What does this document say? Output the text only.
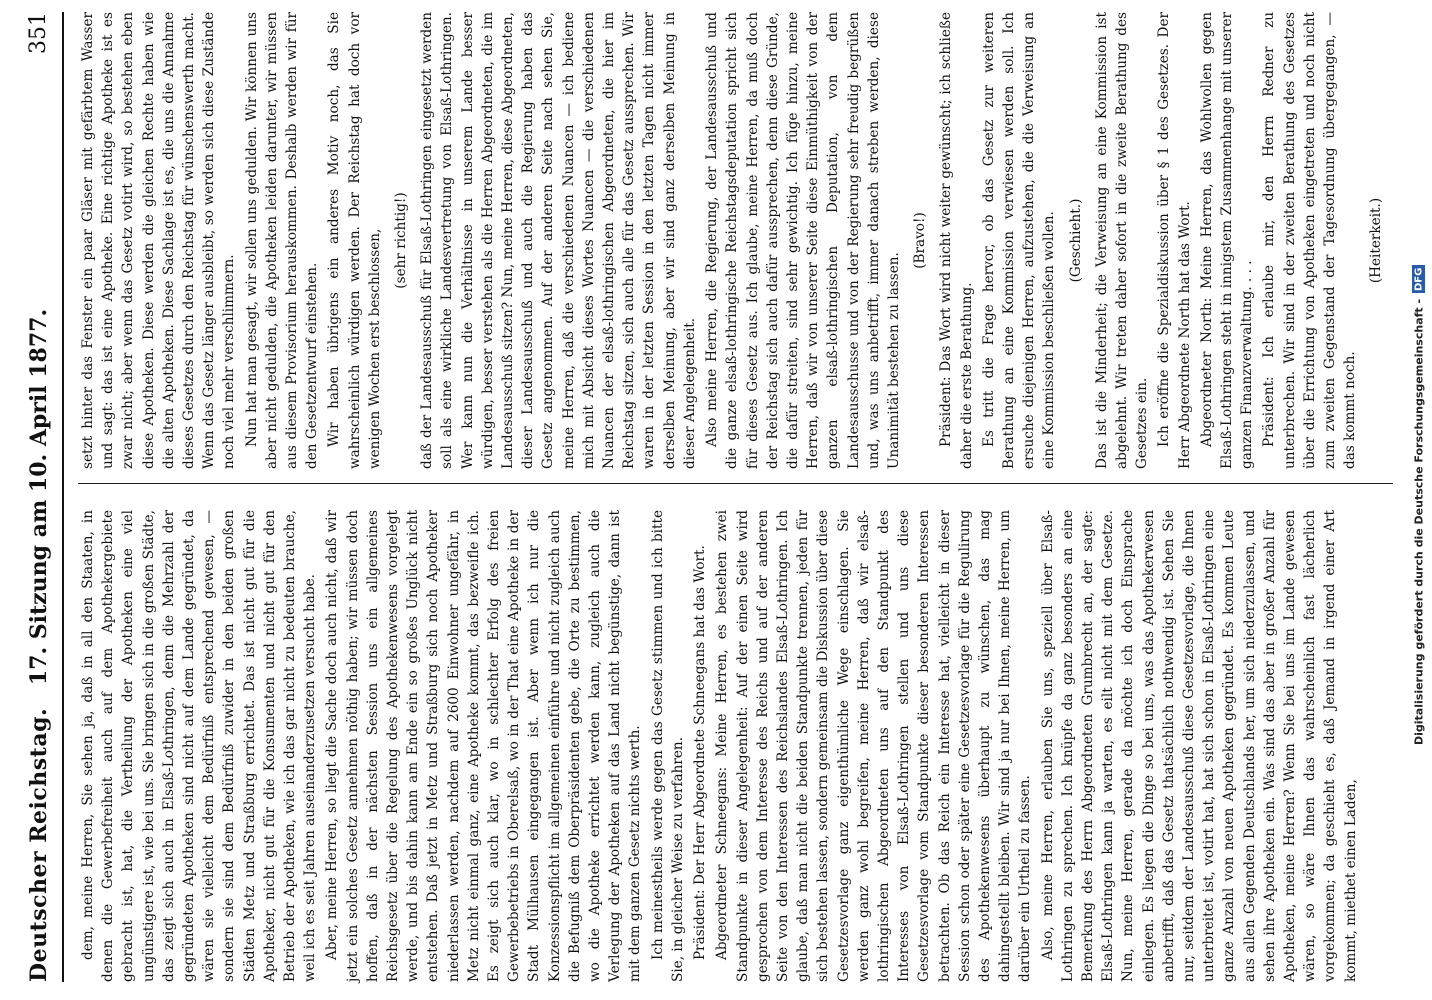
Deutscher Reichstag.
17. Sitzung am 10. April 1877.
351

dem, meine Herren, Sie sehen ja, daß in all den Staaten, in denen die Gewerbefreiheit auch auf dem Apothekergebiete gebracht ist, hat, die Vertheilung der Apotheken eine viel ungünstigere ist, wie bei uns. Sie bringen sich in die großen Städte, das zeigt sich auch in Elsaß-Lothringen, denn die Mehrzahl der gegründeten Apotheken sind nicht auf dem Lande gegründet, da wären sie vielleicht dem Bedürfniß entsprechend gewesen, — sondern sie sind dem Bedürfniß zuwider in den beiden großen Städten Metz und Straßburg errichtet. Das ist nicht gut für die Apotheker, nicht gut für die Konsumenten und nicht gut für den Betrieb der Apotheken, wie ich das gar nicht zu bedeuten brauche, weil ich es seit Jahren auseinanderzusetzen versucht habe. Aber, meine Herren, so liegt die Sache doch auch nicht, daß wir jetzt ein solches Gesetz annehmen nöthig haben; wir müssen doch hoffen, daß in der nächsten Session uns ein allgemeines Reichsgesetz über die Regelung des Apothekenwesens vorgelegt werde, und bis dahin kann am Ende ein so großes Unglück nicht entstehen. Daß jetzt in Metz und Straßburg sich noch Apotheker niederlassen werden, nachdem auf 2600 Einwohner ungefähr, in Metz nicht einmal ganz, eine Apotheke kommt, das bezweifle ich. Es zeigt sich auch klar, wo in schlechter Erfolg des freien Gewerbebetriebs in Oberelsaß, wo in der That eine Apotheke in der Stadt Mülhausen eingegangen ist. Aber wenn ich nur die Konzessionspflicht im allgemeinen einführe und nicht zugleich auch die Befugniß dem Oberpräsidenten gebe, die Orte zu bestimmen, wo die Apotheke errichtet werden kann, zugleich auch die Verlegung der Apotheken auf das Land nicht begünstige, dann ist mit dem ganzen Gesetz nichts werth. Ich meinestheils werde gegen das Gesetz stimmen und ich bitte Sie, in gleicher Weise zu verfahren. Präsident: Der Herr Abgeordnete Schneegans hat das Wort. Abgeordneter Schneegans: Meine Herren, es bestehen zwei Standpunkte in dieser Angelegenheit: Auf der einen Seite wird gesprochen von dem Interesse des Reichs und auf der anderen Seite von den Interessen des Reichslandes Elsaß-Lothringen. Ich glaube, daß man nicht die beiden Standpunkte trennen, jeden für sich bestehen lassen, sondern gemeinsam die Diskussion über diese Gesetzesvorlage ganz eigenthümliche Wege einschlagen. Sie werden ganz wohl begreifen, meine Herren, daß wir elsaß-lothringischen Abgeordneten uns auf den Standpunkt des Interesses von Elsaß-Lothringen stellen und uns diese Gesetzesvorlage vom Standpunkte dieser besonderen Interessen betrachten. Ob das Reich ein Interesse hat, vielleicht in dieser Session schon oder später eine Gesetzesvorlage für die Regulirung des Apothekenwesens überhaupt zu wünschen, das mag dahingestellt bleiben. Wir sind ja nur bei Ihnen, meine Herren, um darüber ein Urtheil zu fassen. Also, meine Herren, erlauben Sie uns, speziell über Elsaß-Lothringen zu sprechen. Ich knüpfe da ganz besonders an eine Bemerkung des Herrn Abgeordneten Grumbrecht an, der sagte: Elsaß-Lothringen kann ja warten, es eilt nicht mit dem Gesetze. Nun, meine Herren, gerade da möchte ich doch Einsprache einlegen. Es liegen die Dinge so bei uns, was das Apothekerwesen anbetrifft, daß das Gesetz thatsächlich nothwendig ist. Sehen Sie nur, seitdem der Landesausschuß diese Gesetzesvorlage, die Ihnen unterbreitet ist, votirt hat, hat sich schon in Elsaß-Lothringen eine ganze Anzahl von neuen Apotheken gegründet. Es kommen Leute aus allen Gegenden Deutschlands her, um sich niederzulassen, und sehen ihre Apotheken ein. Was sind das aber in großer Anzahl für Apotheken, meine Herren? Wenn Sie bei uns im Lande gewesen wären, so wäre Ihnen das wahrscheinlich fast lächerlich vorgekommen; da geschieht es, daß Jemand in irgend einer Art kommt, miethet einen Laden,

setzt hinter das Fenster ein paar Gläser mit gefärbtem Wasser und sagt: das ist eine Apotheke. Eine richtige Apotheke ist es zwar nicht; aber wenn das Gesetz votirt wird, so bestehen eben diese Apotheken. Diese werden die gleichen Rechte haben wie die alten Apotheken. Diese Sachlage ist es, die uns die Annahme dieses Gesetzes durch den Reichstag für wünschenswerth macht. Wenn das Gesetz länger ausbleibt, so werden sich diese Zustände noch viel mehr verschlimmern. Nun hat man gesagt, wir sollen uns gedulden. Wir können uns aber nicht gedulden, die Apotheken leiden darunter, wir müssen aus diesem Provisorium herauskommen. Deshalb werden wir für den Gesetzentwurf einstehen. Wir haben übrigens ein anderes Motiv noch, das Sie wahrscheinlich würdigen werden. Der Reichstag hat doch vor wenigen Wochen erst beschlossen, (sehr richtig!) daß der Landesausschuß für Elsaß-Lothringen eingesetzt werden soll als eine wirkliche Landesvertretung von Elsaß-Lothringen. Wer kann nun die Verhältnisse in unserem Lande besser würdigen, besser verstehen als die Herren Abgeordneten, die im Landesausschuß sitzen? Nun, meine Herren, diese Abgeordneten, dieser Landesausschuß und auch die Regierung haben das Gesetz angenommen. Auf der anderen Seite nach sehen Sie, meine Herren, daß die verschiedenen Nuancen — ich bediene mich mit Absicht dieses Wortes Nuancen — die verschiedenen Nuancen der elsaß-lothringischen Abgeordneten, die hier im Reichstag sitzen, sich auch alle für das Gesetz aussprechen. Wir waren in der letzten Session in den letzten Tagen nicht immer derselben Meinung, aber wir sind ganz derselben Meinung in dieser Angelegenheit. Also meine Herren, die Regierung, der Landesausschuß und die ganze elsaß-lothringische Reichstagsdeputation spricht sich für dieses Gesetz aus. Ich glaube, meine Herren, da muß doch der Reichstag sich auch dafür aussprechen, denn diese Gründe, die dafür streiten, sind sehr gewichtig. Ich füge hinzu, meine Herren, daß wir von unserer Seite diese Einmüthigkeit von der ganzen elsaß-lothringischen Deputation, von dem Landesausschusse und von der Regierung sehr freudig begrüßen und, was uns anbetrifft, immer danach streben werden, diese Unanimität bestehen zu lassen.

(Bravo!) Präsident: Das Wort wird nicht weiter gewünscht; ich schließe daher die erste Berathung. Es tritt die Frage hervor, ob das Gesetz zur weiteren Berathung an eine Kommission verwiesen werden soll. Ich ersuche diejenigen Herren, aufzustehen, die die Verweisung an eine Kommission beschließen wollen. (Geschieht.) Das ist die Minderheit; die Verweisung an eine Kommission ist abgelehnt. Wir treten daher sofort in die zweite Berathung des Gesetzes ein. Ich eröffne die Spezialdiskussion über § 1 des Gesetzes. Der Herr Abgeordnete North hat das Wort. Abgeordneter North: Meine Herren, das Wohlwollen gegen Elsaß-Lothringen steht in innigstem Zusammenhange mit unserer ganzen Finanzverwaltung. . . . Präsident: Ich erlaube mir, den Herrn Redner zu unterbrechen. Wir sind in der zweiten Berathung des Gesetzes über die Errichtung von Apotheken eingetreten und noch nicht zum zweiten Gegenstand der Tagesordnung übergegangen, — das kommt noch.

(Heiterkeit.)

Digitalisierung gefördert durch die Deutsche Forschungsgemeinschaft -
DFG
